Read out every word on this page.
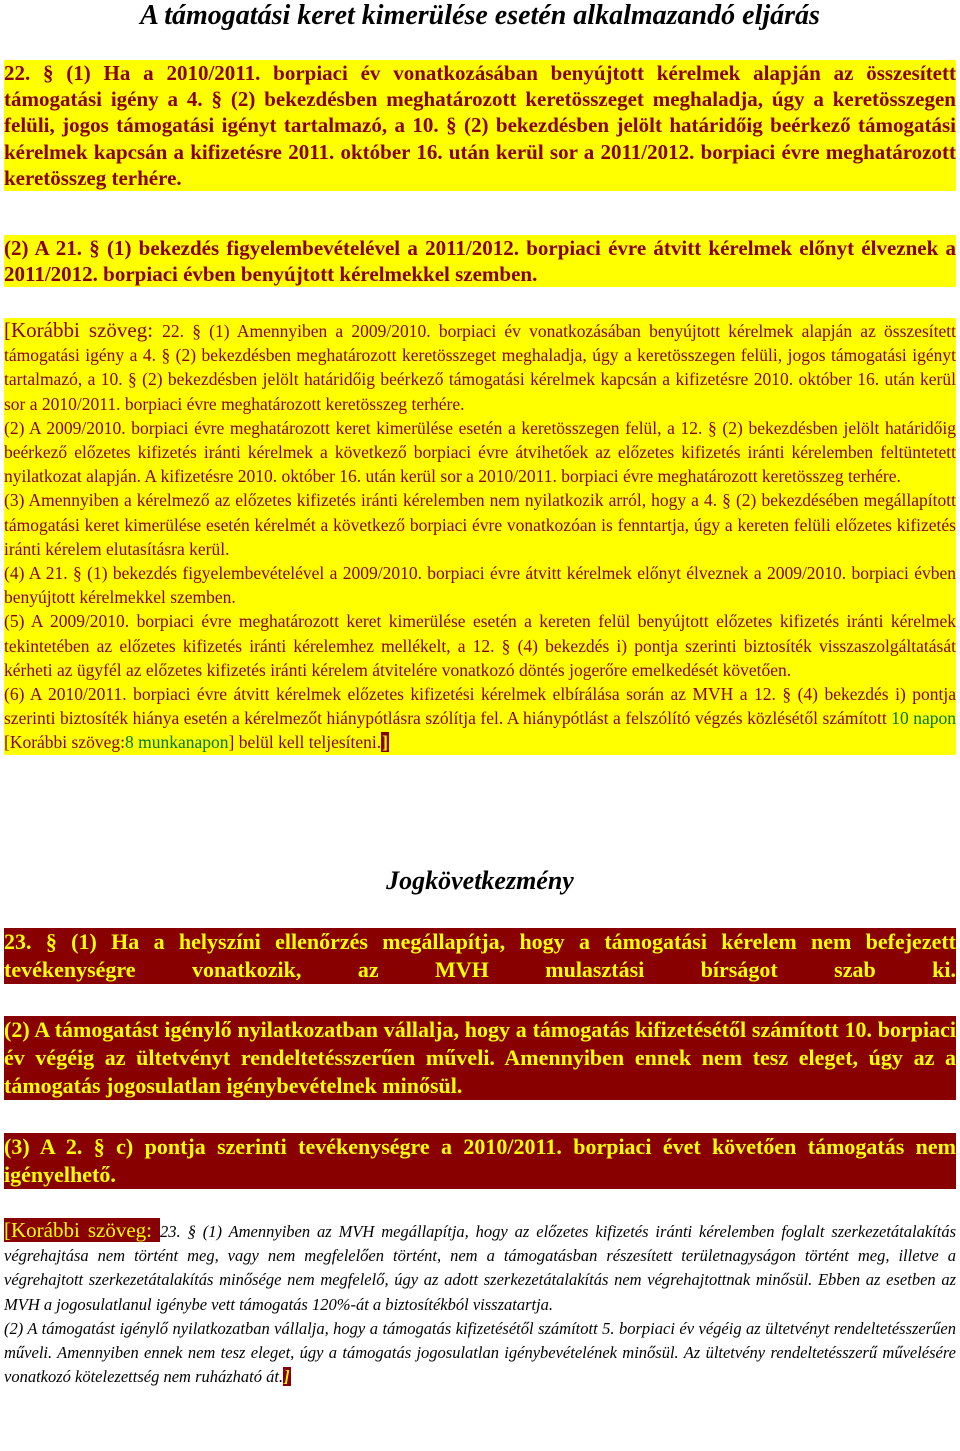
A támogatási keret kimerülése esetén alkalmazandó eljárás

22. § (1) Ha a 2010/2011. borpiaci év vonatkozásában benyújtott kérelmek alapján az összesített támogatási igény a 4. § (2) bekezdésben meghatározott keretösszeget meghaladja, úgy a keretösszegen felüli, jogos támogatási igényt tartalmazó, a 10. § (2) bekezdésben jelölt határidőig beérkező támogatási kérelmek kapcsán a kifizetésre 2011. október 16. után kerül sor a 2011/2012. borpiaci évre meghatározott keretösszeg terhére.

(2) A 21. § (1) bekezdés figyelembevételével a 2011/2012. borpiaci évre átvitt kérelmek előnyt élveznek a 2011/2012. borpiaci évben benyújtott kérelmekkel szemben.

[Korábbi szöveg: 22. § (1) Amennyiben a 2009/2010. borpiaci év vonatkozásában benyújtott kérelmek alapján az összesített támogatási igény a 4. § (2) bekezdésben meghatározott keretösszeget meghaladja, úgy a keretösszegen felüli, jogos támogatási igényt tartalmazó, a 10. § (2) bekezdésben jelölt határidőig beérkező támogatási kérelmek kapcsán a kifizetésre 2010. október 16. után kerül sor a 2010/2011. borpiaci évre meghatározott keretösszeg terhére.
(2) A 2009/2010. borpiaci évre meghatározott keret kimerülése esetén a keretösszegen felül, a 12. § (2) bekezdésben jelölt határidőig beérkező előzetes kifizetés iránti kérelmek a következő borpiaci évre átvihetőek az előzetes kifizetés iránti kérelemben feltüntetett nyilatkozat alapján. A kifizetésre 2010. október 16. után kerül sor a 2010/2011. borpiaci évre meghatározott keretösszeg terhére.
(3) Amennyiben a kérelmező az előzetes kifizetés iránti kérelemben nem nyilatkozik arról, hogy a 4. § (2) bekezdésében megállapított támogatási keret kimerülése esetén kérelmét a következő borpiaci évre vonatkozóan is fenntartja, úgy a kereten felüli előzetes kifizetés iránti kérelem elutasításra kerül.
(4) A 21. § (1) bekezdés figyelembevételével a 2009/2010. borpiaci évre átvitt kérelmek előnyt élveznek a 2009/2010. borpiaci évben benyújtott kérelmekkel szemben.
(5) A 2009/2010. borpiaci évre meghatározott keret kimerülése esetén a kereten felül benyújtott előzetes kifizetés iránti kérelmek tekintetében az előzetes kifizetés iránti kérelemhez mellékelt, a 12. § (4) bekezdés i) pontja szerinti biztosíték visszaszolgáltatását kérheti az ügyfél az előzetes kifizetés iránti kérelem átvitelére vonatkozó döntés jogerőre emelkedését követően.
(6) A 2010/2011. borpiaci évre átvitt kérelmek előzetes kifizetési kérelmek elbírálása során az MVH a 12. § (4) bekezdés i) pontja szerinti biztosíték hiánya esetén a kérelmezőt hiánypótlásra szólítja fel. A hiánypótlást a felszólító végzés közlésétől számított 10 napon [Korábbi szöveg:8 munkanapon] belül kell teljesíteni.]
Jogkövetkezmény

23. § (1) Ha a helyszíni ellenőrzés megállapítja, hogy a támogatási kérelem nem befejezett tevékenységre vonatkozik, az MVH mulasztási bírságot szab ki.

(2) A támogatást igénylő nyilatkozatban vállalja, hogy a támogatás kifizetésétől számított 10. borpiaci év végéig az ültetvényt rendeltetésszerűen műveli. Amennyiben ennek nem tesz eleget, úgy az a támogatás jogosulatlan igénybevételnek minősül.

(3) A 2. § c) pontja szerinti tevékenységre a 2010/2011. borpiaci évet követően támogatás nem igényelhető.

[Korábbi szöveg: 23. § (1) Amennyiben az MVH megállapítja, hogy az előzetes kifizetés iránti kérelemben foglalt szerkezetátalakítás végrehajtása nem történt meg, vagy nem megfelelően történt, nem a támogatásban részesített területnagyságon történt meg, illetve a végrehajtott szerkezetátalakítás minősége nem megfelelő, úgy az adott szerkezetátalakítás nem végrehajtottnak minősül. Ebben az esetben az MVH a jogosulatlanul igénybe vett támogatás 120%-át a biztosítékból visszatartja.
(2) A támogatást igénylő nyilatkozatban vállalja, hogy a támogatás kifizetésétől számított 5. borpiaci év végéig az ültetvényt rendeltetésszerűen műveli. Amennyiben ennek nem tesz eleget, úgy a támogatás jogosulatlan igénybevételének minősül. Az ültetvény rendeltetésszerű művelésére vonatkozó kötelezettség nem ruházható át.]
